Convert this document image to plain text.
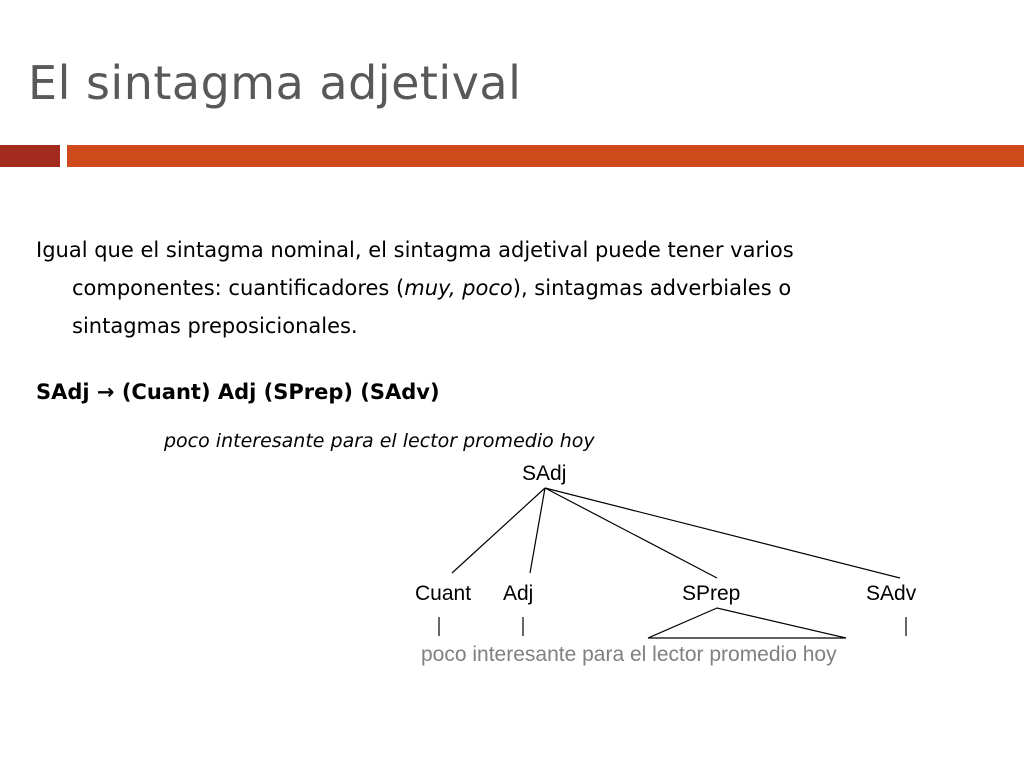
El sintagma adjetival

Igual que el sintagma nominal, el sintagma adjetival puede tener varios
componentes: cuantificadores (muy, poco), sintagmas adverbiales o
sintagmas preposicionales.

SAdj → (Cuant) Adj (SPrep) (SAdv)

poco interesante para el lector promedio hoy

SAdj

Cuant Adj	SPrep	SAdv

poco interesante para el lector promedio hoy
